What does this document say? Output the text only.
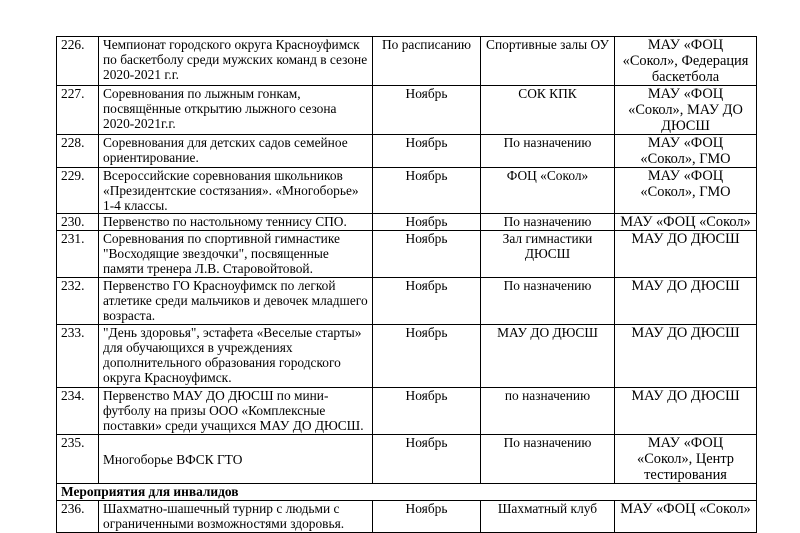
226.	Чемпионат городского округа Красноуфимск по баскетболу среди мужских команд в сезоне 2020-2021 г.г.	По расписанию	Спортивные залы ОУ	МАУ «ФОЦ «Сокол», Федерация баскетбола
227.	Соревнования по лыжным гонкам, посвящённые открытию лыжного сезона 2020-2021г.г.	Ноябрь	СОК КПК	МАУ «ФОЦ «Сокол», МАУ ДО ДЮСШ
228.	Соревнования для детских садов семейное ориентирование.	Ноябрь	По назначению	МАУ «ФОЦ «Сокол», ГМО
229.	Всероссийские соревнования школьников «Президентские состязания». «Многоборье» 1-4 классы.	Ноябрь	ФОЦ «Сокол»	МАУ «ФОЦ «Сокол», ГМО
230.	Первенство по настольному теннису СПО.	Ноябрь	По назначению	МАУ «ФОЦ «Сокол»
231.	Соревнования по спортивной гимнастике "Восходящие звездочки", посвященные памяти тренера Л.В. Старовойтовой.	Ноябрь	Зал гимнастики ДЮСШ	МАУ ДО ДЮСШ
232.	Первенство ГО Красноуфимск по легкой атлетике среди мальчиков и девочек младшего возраста.	Ноябрь	По назначению	МАУ ДО ДЮСШ
233.	"День здоровья", эстафета «Веселые старты» для обучающихся в учреждениях дополнительного образования городского округа Красноуфимск.	Ноябрь	МАУ ДО ДЮСШ	МАУ ДО ДЮСШ
234.	Первенство МАУ ДО ДЮСШ по мини-футболу на призы ООО «Комплексные поставки» среди учащихся МАУ ДО ДЮСШ.	Ноябрь	по назначению	МАУ ДО ДЮСШ
235.	Многоборье ВФСК ГТО	Ноябрь	По назначению	МАУ «ФОЦ «Сокол», Центр тестирования
Мероприятия для инвалидов				
236.	Шахматно-шашечный турнир с людьми с ограниченными возможностями здоровья.	Ноябрь	Шахматный клуб	МАУ «ФОЦ «Сокол»
